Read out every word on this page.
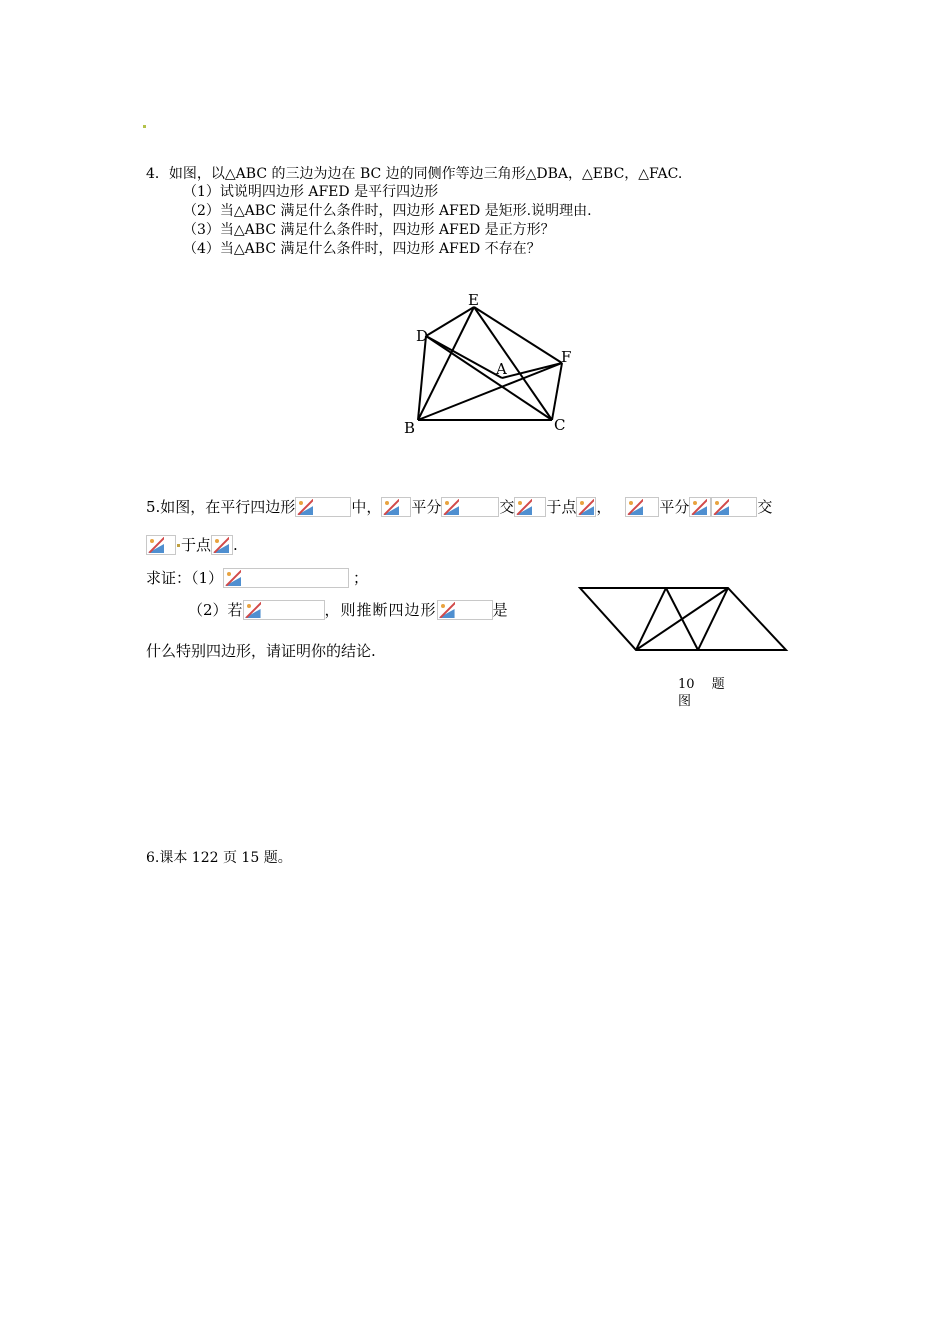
4．如图，以△ABC 的三边为边在 BC 边的同侧作等边三角形△DBA，△EBC，△FAC.
（1）试说明四边形 AFED 是平行四边形
（2）当△ABC 满足什么条件时，四边形 AFED 是矩形.说明理由.
（3）当△ABC 满足什么条件时，四边形 AFED 是正方形？
（4）当△ABC 满足什么条件时，四边形 AFED 不存在？
E
D
F
A
B	C
5.如图，在平行四边形	中， 平分	交 于点 ，	平分	交
于点 .
求证：（1）	；
（2）若	，则推断四边形	是
什么特别四边形，请证明你的结论.
10　 题
图
6.课本 122 页 15 题。
